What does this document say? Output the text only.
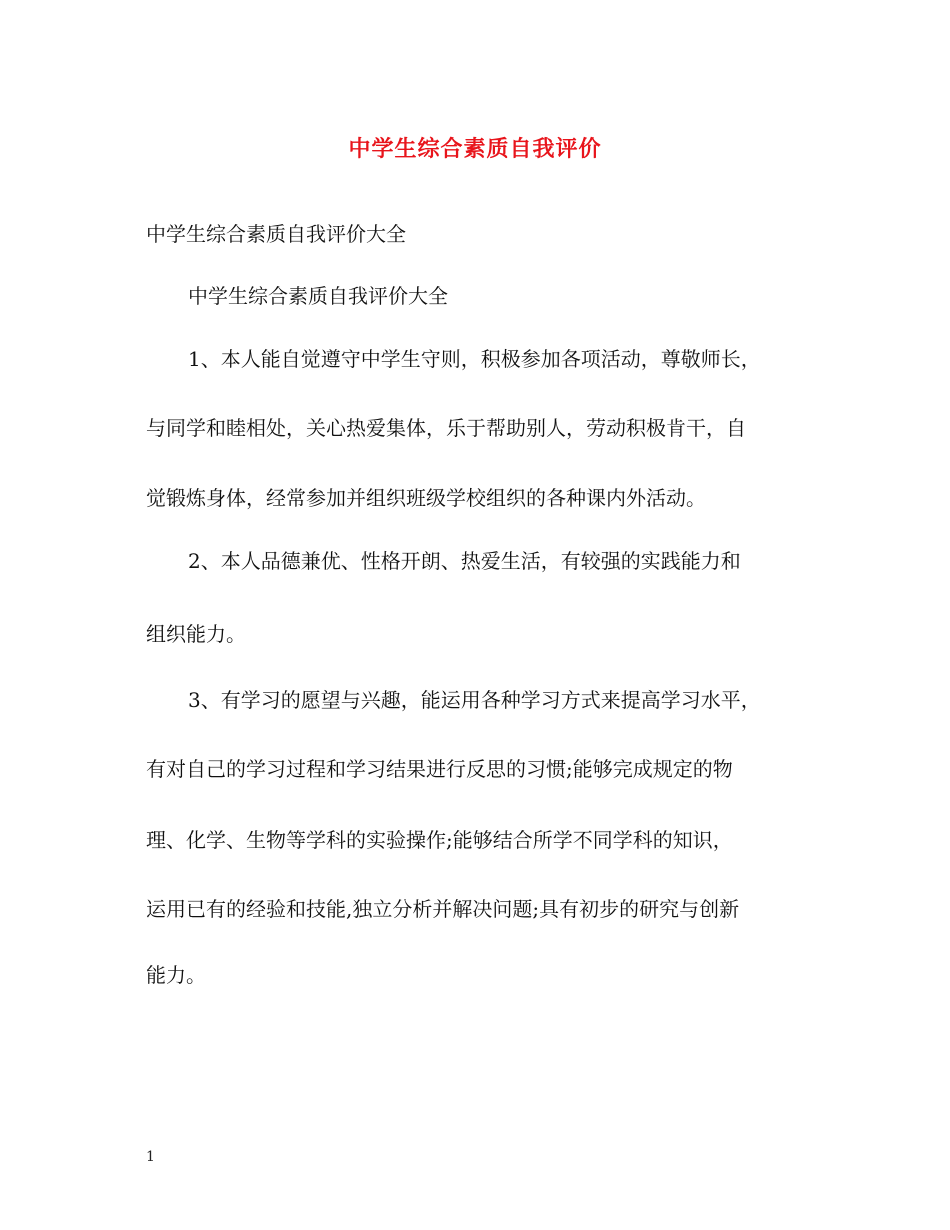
中学生综合素质自我评价
中学生综合素质自我评价大全
中学生综合素质自我评价大全
1、本人能自觉遵守中学生守则，积极参加各项活动，尊敬师长，
与同学和睦相处，关心热爱集体，乐于帮助别人，劳动积极肯干，自
觉锻炼身体，经常参加并组织班级学校组织的各种课内外活动。
2、本人品德兼优、性格开朗、热爱生活，有较强的实践能力和
组织能力。
3、有学习的愿望与兴趣，能运用各种学习方式来提高学习水平，
有对自己的学习过程和学习结果进行反思的习惯;能够完成规定的物
理、化学、生物等学科的实验操作;能够结合所学不同学科的知识，
运用已有的经验和技能,独立分析并解决问题;具有初步的研究与创新
能力。
1
